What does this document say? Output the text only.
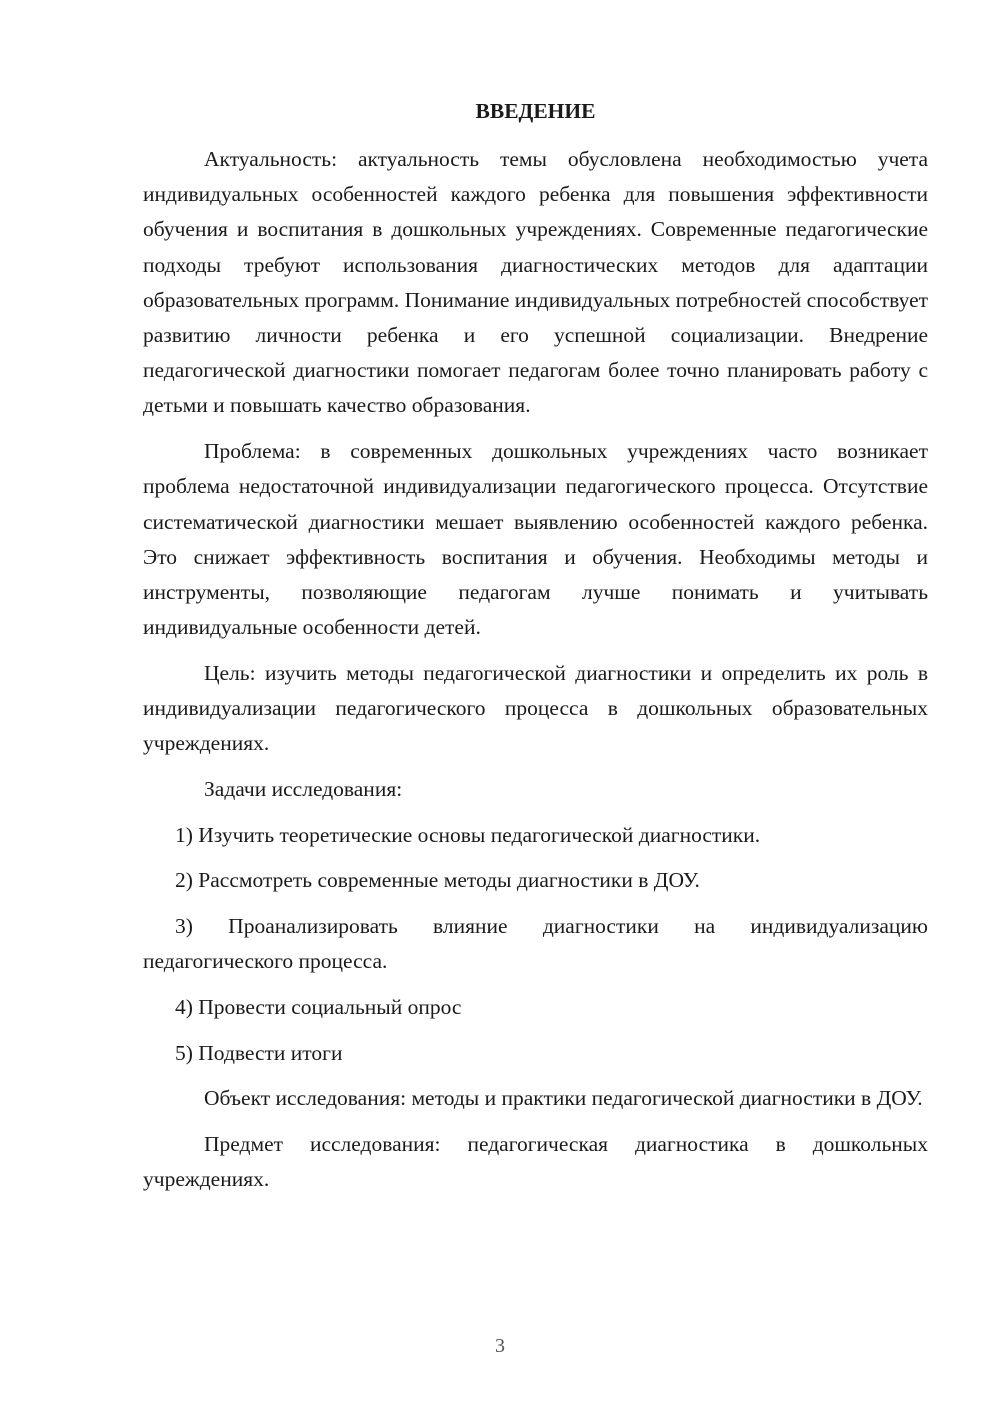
ВВЕДЕНИЕ

Актуальность: актуальность темы обусловлена необходимостью учета индивидуальных особенностей каждого ребенка для повышения эффективности обучения и воспитания в дошкольных учреждениях. Современные педагогические подходы требуют использования диагностических методов для адаптации образовательных программ. Понимание индивидуальных потребностей способствует развитию личности ребенка и его успешной социализации. Внедрение педагогической диагностики помогает педагогам более точно планировать работу с детьми и повышать качество образования.

Проблема: в современных дошкольных учреждениях часто возникает проблема недостаточной индивидуализации педагогического процесса. Отсутствие систематической диагностики мешает выявлению особенностей каждого ребенка. Это снижает эффективность воспитания и обучения. Необходимы методы и инструменты, позволяющие педагогам лучше понимать и учитывать индивидуальные особенности детей.

Цель: изучить методы педагогической диагностики и определить их роль в индивидуализации педагогического процесса в дошкольных образовательных учреждениях.

Задачи исследования:

1) Изучить теоретические основы педагогической диагностики.

2) Рассмотреть современные методы диагностики в ДОУ.

3) Проанализировать влияние диагностики на индивидуализацию педагогического процесса.

4) Провести социальный опрос

5) Подвести итоги

Объект исследования: методы и практики педагогической диагностики в ДОУ.

Предмет исследования: педагогическая диагностика в дошкольных учреждениях.

3
